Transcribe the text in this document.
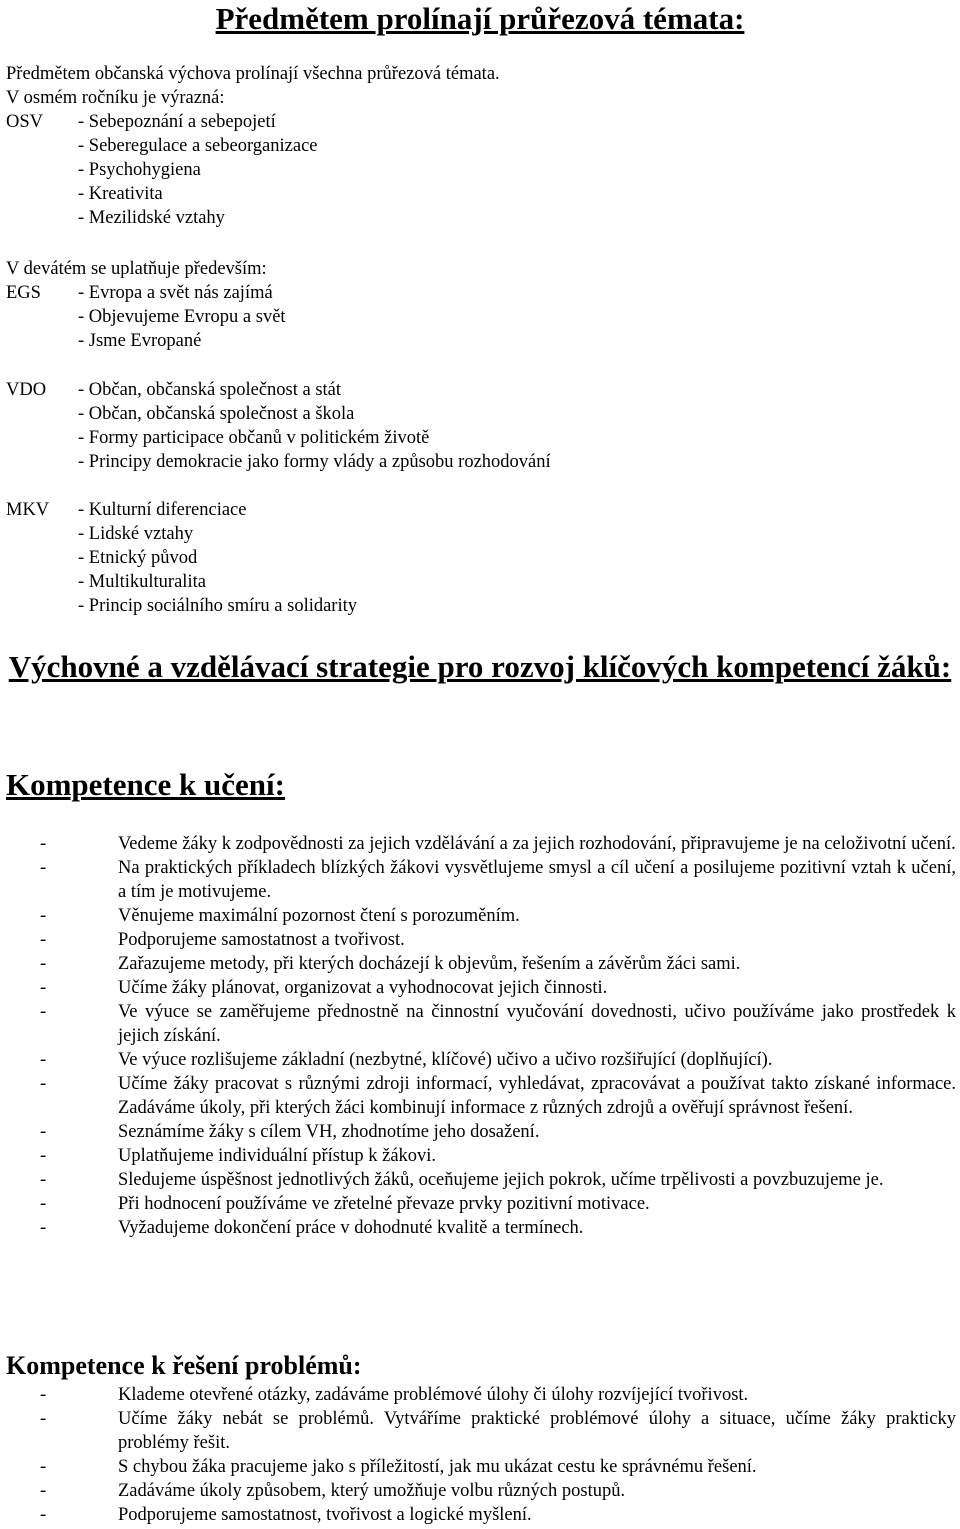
Předmětem prolínají průřezová témata:
Předmětem občanská výchova prolínají všechna průřezová témata.
V osmém ročníku je výrazná:
OSV - Sebepoznání a sebepojetí
- Seberegulace a sebeorganizace
- Psychohygiena
- Kreativita
- Mezilidské vztahy
V devátém se uplatňuje především:
EGS - Evropa a svět nás zajímá
- Objevujeme Evropu a svět
- Jsme Evropané
VDO - Občan, občanská společnost a stát
- Občan, občanská společnost a škola
- Formy participace občanů v politickém životě
- Principy demokracie jako formy vlády a způsobu rozhodování
MKV - Kulturní diferenciace
- Lidské vztahy
- Etnický původ
- Multikulturalita
- Princip sociálního smíru a solidarity
Výchovné a vzdělávací strategie pro rozvoj klíčových kompetencí žáků:
Kompetence k učení:
-	Vedeme žáky k zodpovědnosti za jejich vzdělávání a za jejich rozhodování, připravujeme je na celoživotní učení.
-	Na praktických příkladech blízkých žákovi vysvětlujeme smysl a cíl učení a posilujeme pozitivní vztah k učení, a tím je motivujeme.
-	Věnujeme maximální pozornost čtení s porozuměním.
-	Podporujeme samostatnost a tvořivost.
-	Zařazujeme metody, při kterých docházejí k objevům, řešením a závěrům žáci sami.
-	Učíme žáky plánovat, organizovat a vyhodnocovat jejich činnosti.
-	Ve výuce se zaměřujeme přednostně na činnostní vyučování dovednosti, učivo používáme jako prostředek k jejich získání.
-	Ve výuce rozlišujeme základní (nezbytné, klíčové) učivo a učivo rozšiřující (doplňující).
-	Učíme žáky pracovat s různými zdroji informací, vyhledávat, zpracovávat a používat takto získané informace. Zadáváme úkoly, při kterých žáci kombinují informace z různých zdrojů a ověřují správnost řešení.
-	Seznámíme žáky s cílem VH, zhodnotíme jeho dosažení.
-	Uplatňujeme individuální přístup k žákovi.
-	Sledujeme úspěšnost jednotlivých žáků, oceňujeme jejich pokrok, učíme trpělivosti a povzbuzujeme je.
-	Při hodnocení používáme ve zřetelné převaze prvky pozitivní motivace.
-	Vyžadujeme dokončení práce v dohodnuté kvalitě a termínech.
Kompetence k řešení problémů:
-	Klademe otevřené otázky, zadáváme problémové úlohy či úlohy rozvíjející tvořivost.
-	Učíme žáky nebát se problémů. Vytváříme praktické problémové úlohy a situace, učíme žáky prakticky problémy řešit.
-	S chybou žáka pracujeme jako s příležitostí, jak mu ukázat cestu ke správnému řešení.
-	Zadáváme úkoly způsobem, který umožňuje volbu různých postupů.
-	Podporujeme samostatnost, tvořivost a logické myšlení.
